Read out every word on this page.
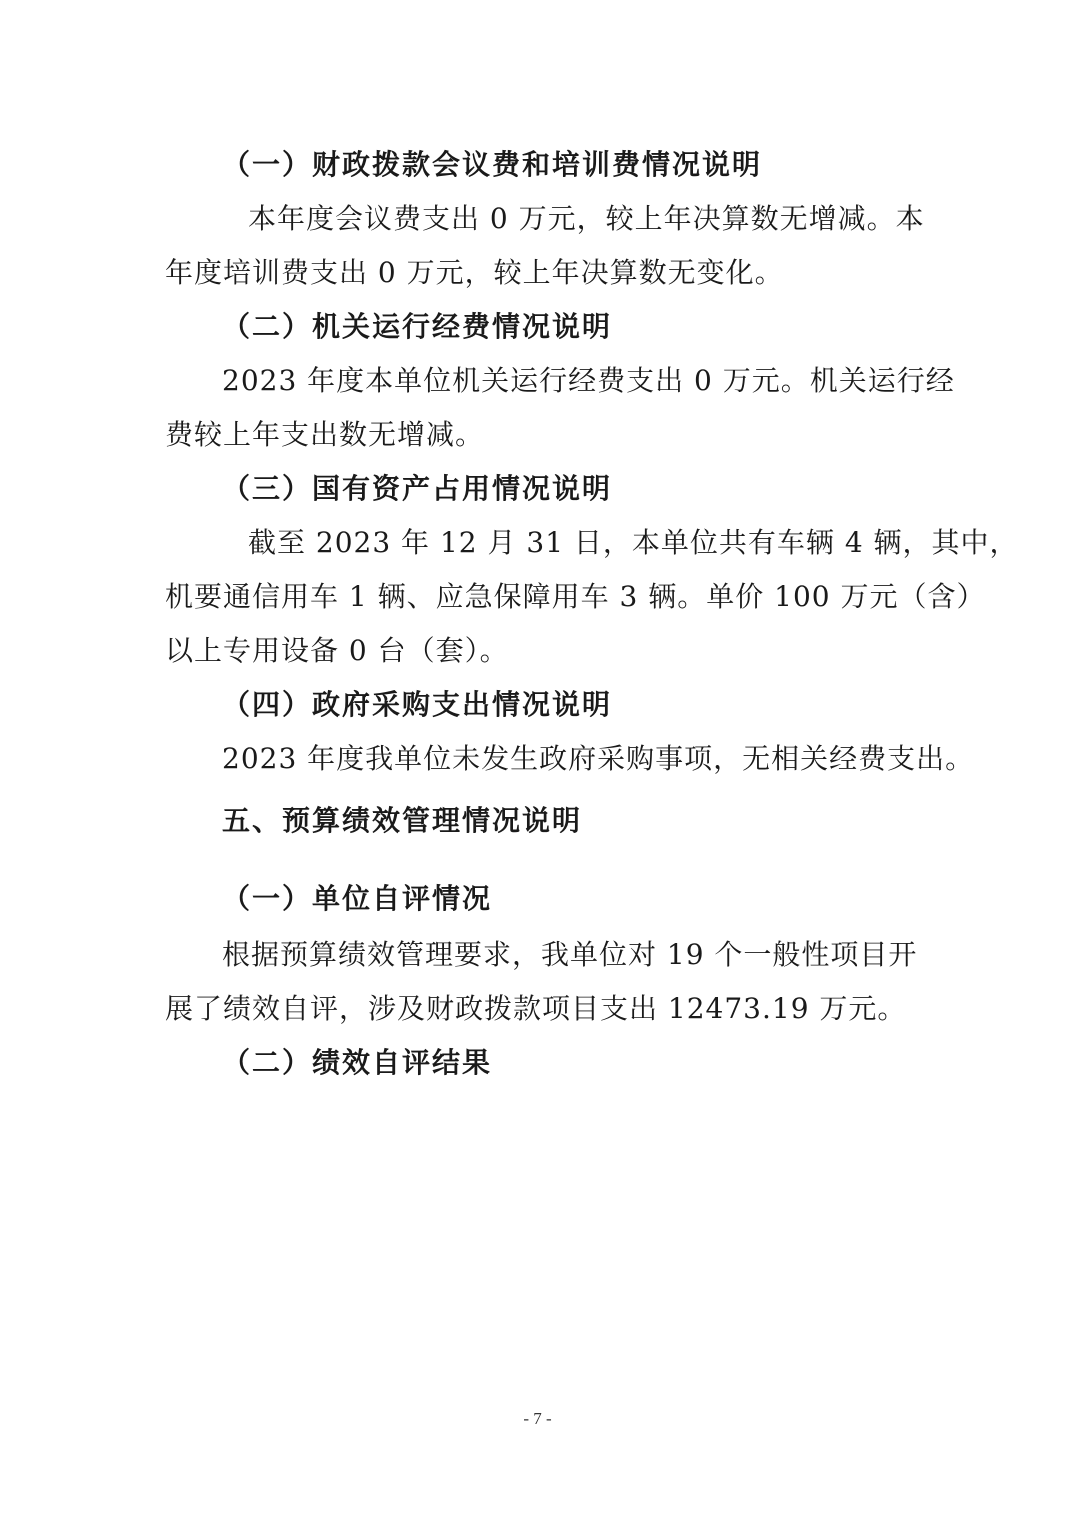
（一）财政拨款会议费和培训费情况说明
本年度会议费支出 0 万元，较上年决算数无增减。本
年度培训费支出 0 万元，较上年决算数无变化。
（二）机关运行经费情况说明
2023 年度本单位机关运行经费支出 0 万元。机关运行经
费较上年支出数无增减。
（三）国有资产占用情况说明
截至 2023 年 12 月 31 日，本单位共有车辆 4 辆，其中，
机要通信用车 1 辆、应急保障用车 3 辆。单价 100 万元（含）
以上专用设备 0 台（套）。
（四）政府采购支出情况说明
2023 年度我单位未发生政府采购事项，无相关经费支出。
五、预算绩效管理情况说明
（一）单位自评情况
根据预算绩效管理要求，我单位对 19 个一般性项目开
展了绩效自评，涉及财政拨款项目支出 12473.19 万元。
（二）绩效自评结果
- 7 -
